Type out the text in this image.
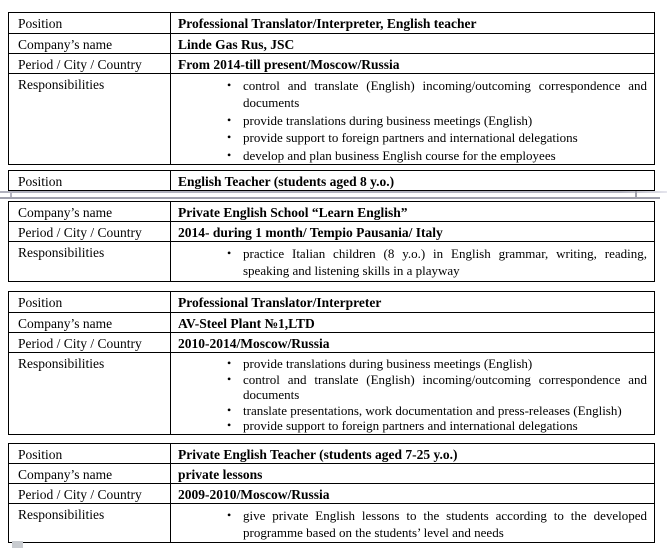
Position	Professional Translator/Interpreter, English teacher
Company’s name	Linde Gas Rus, JSC
Period / City / Country	From 2014-till present/Moscow/Russia
Responsibilities	• control and translate (English) incoming/outcoming correspondence and documents
• provide translations during business meetings (English)
• provide support to foreign partners and international delegations
• develop and plan business English course for the employees
Position	English Teacher (students aged 8 y.o.)
Company’s name	Private English School “Learn English”
Period / City / Country	2014- during 1 month/ Tempio Pausania/ Italy
Responsibilities	• practice Italian children (8 y.o.) in English grammar, writing, reading, speaking and listening skills in a playway
Position	Professional Translator/Interpreter
Company’s name	AV-Steel Plant №1,LTD
Period / City / Country	2010-2014/Moscow/Russia
Responsibilities	• provide translations during business meetings (English)
• control and translate (English) incoming/outcoming correspondence and documents
• translate presentations, work documentation and press-releases (English)
• provide support to foreign partners and international delegations
Position	Private English Teacher (students aged 7-25 y.o.)
Company’s name	private lessons
Period / City / Country	2009-2010/Moscow/Russia
Responsibilities	• give private English lessons to the students according to the developed programme based on the students’ level and needs
